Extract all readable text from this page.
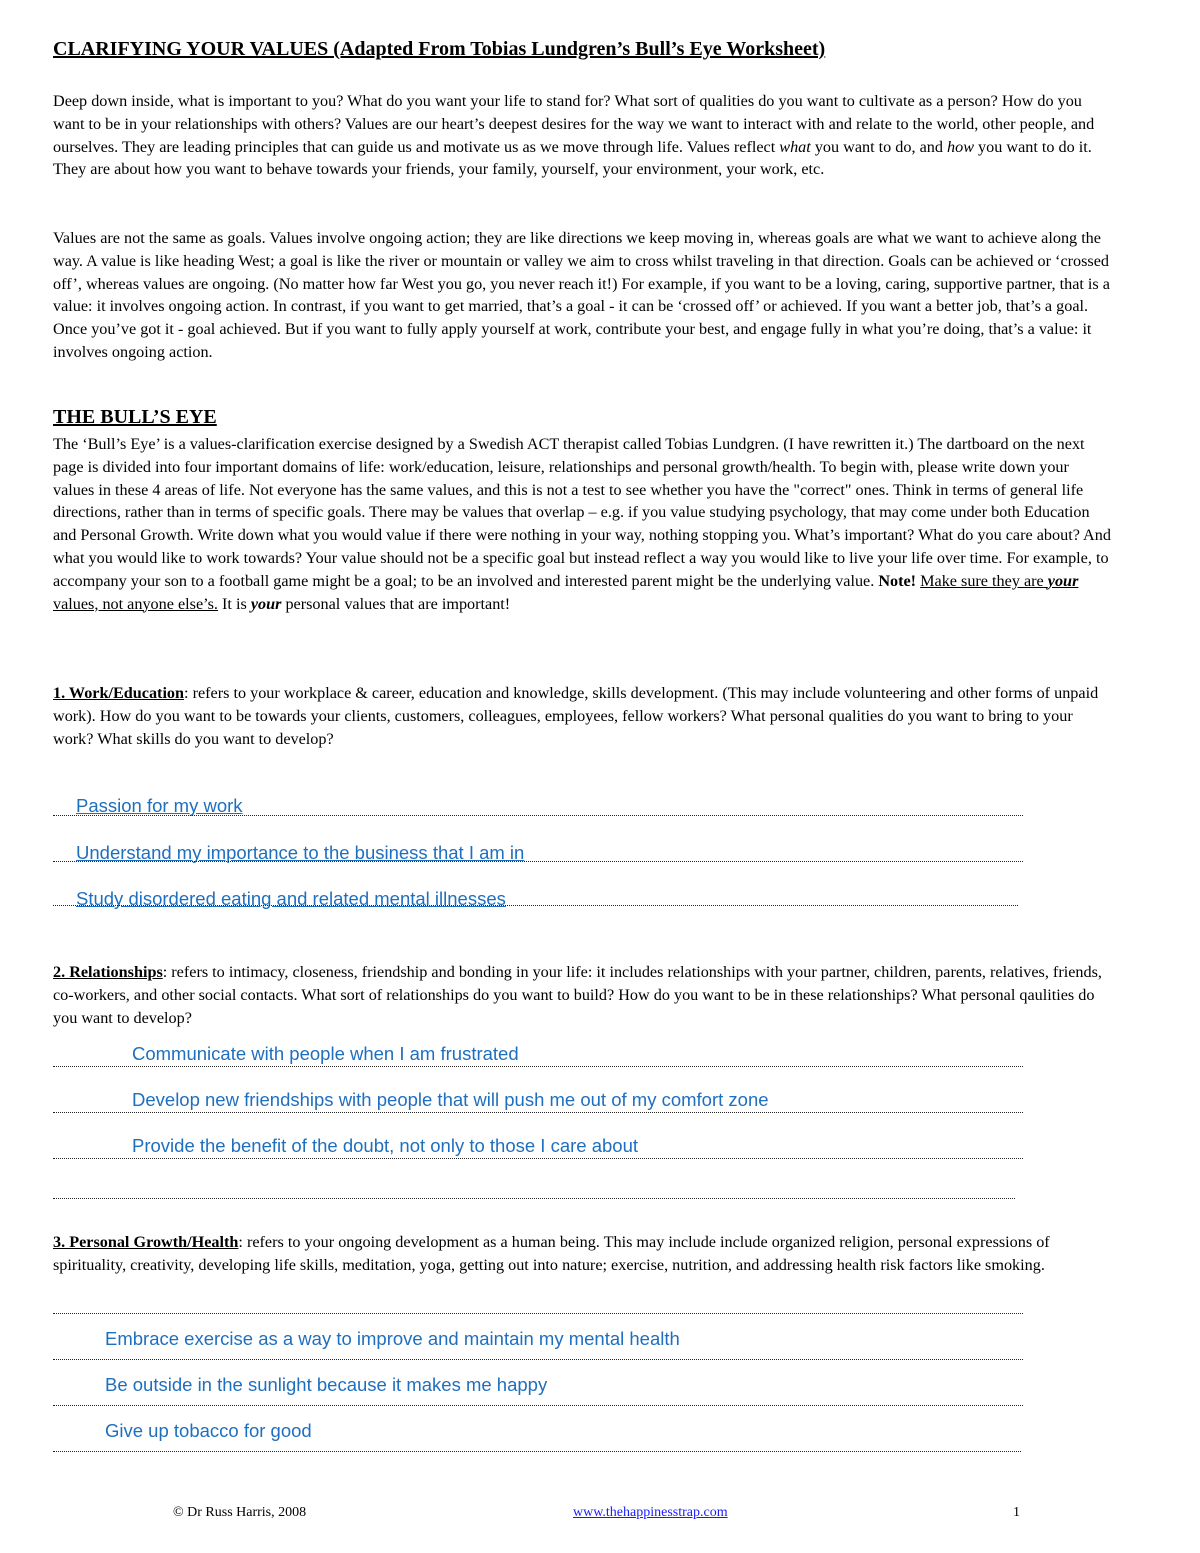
CLARIFYING YOUR VALUES (Adapted From Tobias Lundgren’s Bull’s Eye Worksheet)
Deep down inside, what is important to you? What do you want your life to stand for? What sort of qualities do you want to cultivate as a person? How do you want to be in your relationships with others? Values are our heart’s deepest desires for the way we want to interact with and relate to the world, other people, and ourselves. They are leading principles that can guide us and motivate us as we move through life. Values reflect what you want to do, and how you want to do it. They are about how you want to behave towards your friends, your family, yourself, your environment, your work, etc.
Values are not the same as goals. Values involve ongoing action; they are like directions we keep moving in, whereas goals are what we want to achieve along the way. A value is like heading West; a goal is like the river or mountain or valley we aim to cross whilst traveling in that direction. Goals can be achieved or ‘crossed off’, whereas values are ongoing. (No matter how far West you go, you never reach it!) For example, if you want to be a loving, caring, supportive partner, that is a value: it involves ongoing action. In contrast, if you want to get married, that’s a goal - it can be ‘crossed off’ or achieved. If you want a better job, that’s a goal. Once you’ve got it - goal achieved. But if you want to fully apply yourself at work, contribute your best, and engage fully in what you’re doing, that’s a value: it involves ongoing action.
THE BULL’S EYE
The ‘Bull’s Eye’ is a values-clarification exercise designed by a Swedish ACT therapist called Tobias Lundgren. (I have rewritten it.) The dartboard on the next page is divided into four important domains of life: work/education, leisure, relationships and personal growth/health. To begin with, please write down your values in these 4 areas of life. Not everyone has the same values, and this is not a test to see whether you have the "correct" ones. Think in terms of general life directions, rather than in terms of specific goals. There may be values that overlap – e.g. if you value studying psychology, that may come under both Education and Personal Growth. Write down what you would value if there were nothing in your way, nothing stopping you. What’s important? What do you care about? And what you would like to work towards? Your value should not be a specific goal but instead reflect a way you would like to live your life over time. For example, to accompany your son to a football game might be a goal; to be an involved and interested parent might be the underlying value. Note! Make sure they are your values, not anyone else’s. It is your personal values that are important!
1. Work/Education: refers to your workplace & career, education and knowledge, skills development. (This may include volunteering and other forms of unpaid work). How do you want to be towards your clients, customers, colleagues, employees, fellow workers? What personal qualities do you want to bring to your work? What skills do you want to develop?
Passion for my work
Understand my importance to the business that I am in
Study disordered eating and related mental illnesses
2. Relationships: refers to intimacy, closeness, friendship and bonding in your life: it includes relationships with your partner, children, parents, relatives, friends, co-workers, and other social contacts. What sort of relationships do you want to build? How do you want to be in these relationships? What personal qaulities do you want to develop?
Communicate with people when I am frustrated
Develop new friendships with people that will push me out of my comfort zone
Provide the benefit of the doubt, not only to those I care about
3. Personal Growth/Health: refers to your ongoing development as a human being. This may include include organized religion, personal expressions of spirituality, creativity, developing life skills, meditation, yoga, getting out into nature; exercise, nutrition, and addressing health risk factors like smoking.
Embrace exercise as a way to improve and maintain my mental health
Be outside in the sunlight because it makes me happy
Give up tobacco for good
© Dr Russ Harris, 2008	www.thehappinesstrap.com	1
